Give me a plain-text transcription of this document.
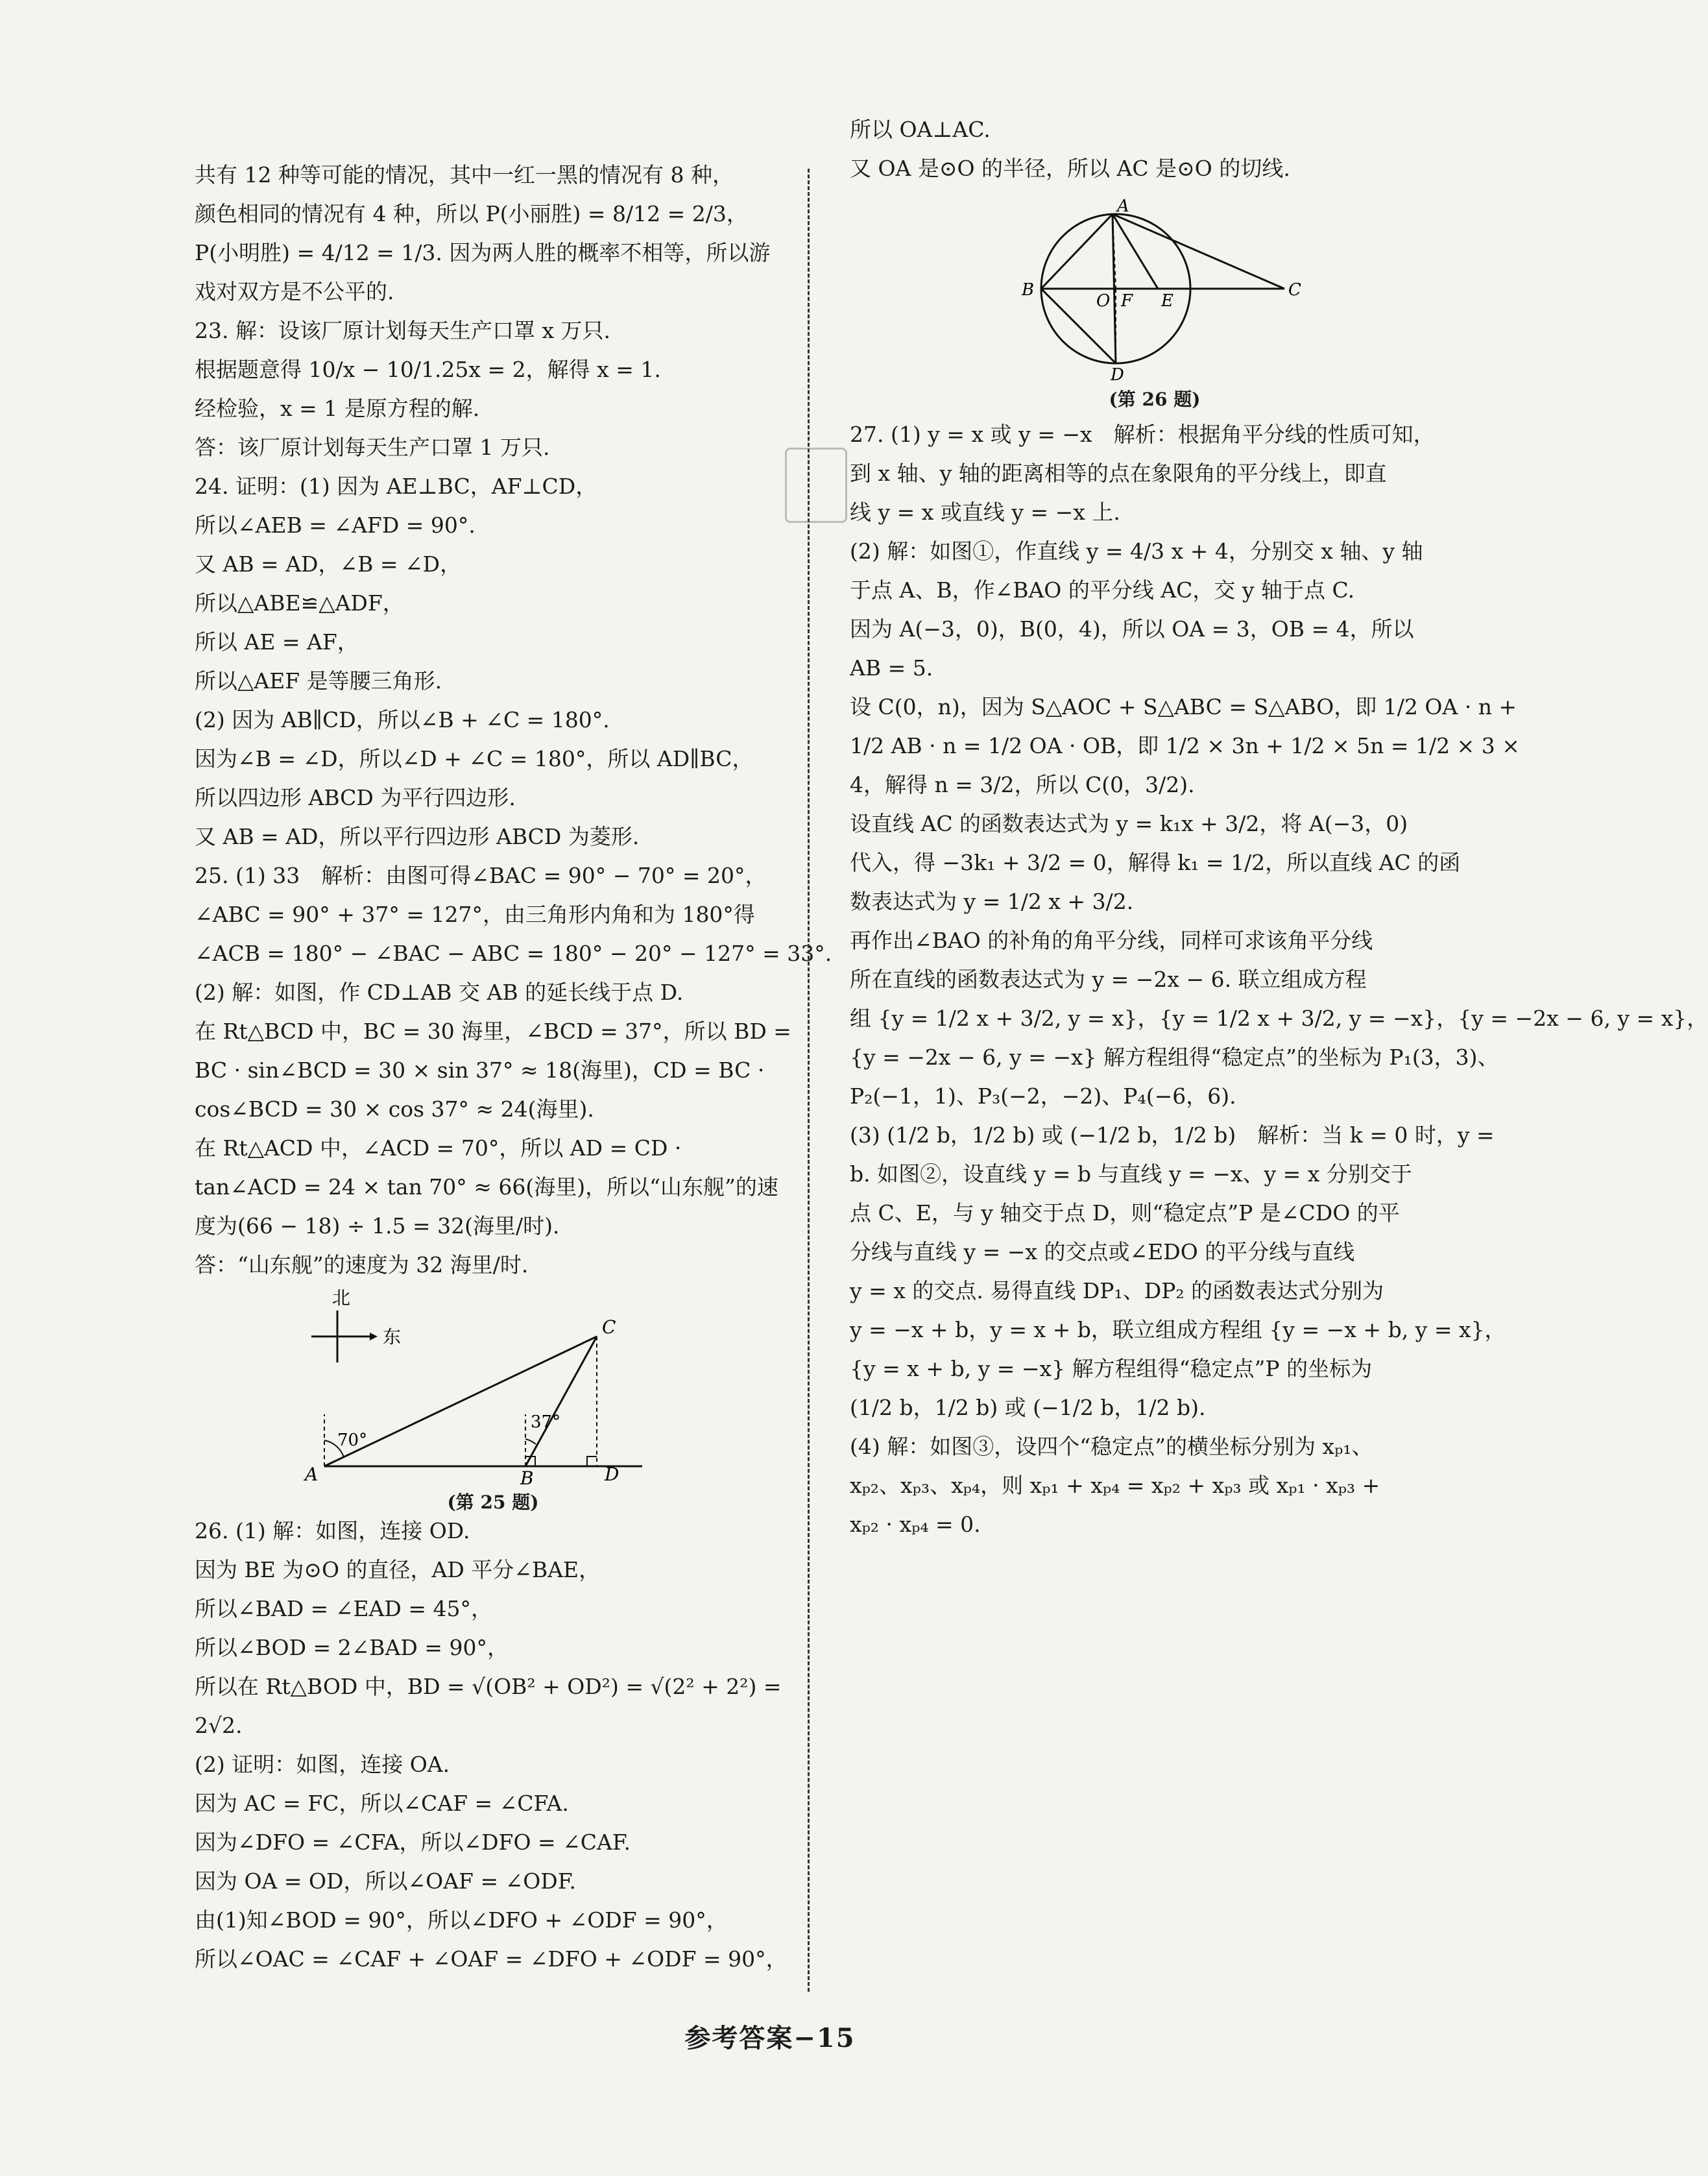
共有 12 种等可能的情况，其中一红一黑的情况有 8 种，
颜色相同的情况有 4 种，所以 P(小丽胜) = 8/12 = 2/3，
P(小明胜) = 4/12 = 1/3. 因为两人胜的概率不相等，所以游
戏对双方是不公平的.
23. 解：设该厂原计划每天生产口罩 x 万只.
根据题意得 10/x − 10/1.25x = 2，解得 x = 1.
经检验，x = 1 是原方程的解.
答：该厂原计划每天生产口罩 1 万只.
24. 证明：(1) 因为 AE⊥BC，AF⊥CD，
所以∠AEB = ∠AFD = 90°.
又 AB = AD，∠B = ∠D，
所以△ABE≌△ADF，
所以 AE = AF，
所以△AEF 是等腰三角形.
(2) 因为 AB∥CD，所以∠B + ∠C = 180°.
因为∠B = ∠D，所以∠D + ∠C = 180°，所以 AD∥BC，
所以四边形 ABCD 为平行四边形.
又 AB = AD，所以平行四边形 ABCD 为菱形.
25. (1) 33　解析：由图可得∠BAC = 90° − 70° = 20°，
∠ABC = 90° + 37° = 127°，由三角形内角和为 180°得
∠ACB = 180° − ∠BAC − ABC = 180° − 20° − 127° = 33°.
(2) 解：如图，作 CD⊥AB 交 AB 的延长线于点 D.
在 Rt△BCD 中，BC = 30 海里，∠BCD = 37°，所以 BD =
BC · sin∠BCD = 30 × sin 37° ≈ 18(海里)，CD = BC ·
cos∠BCD = 30 × cos 37° ≈ 24(海里).
在 Rt△ACD 中，∠ACD = 70°，所以 AD = CD ·
tan∠ACD = 24 × tan 70° ≈ 66(海里)，所以“山东舰”的速
度为(66 − 18) ÷ 1.5 = 32(海里/时).
答：“山东舰”的速度为 32 海里/时.
北
东
70°
37°
A	B
C
D
(第 25 题)
26. (1) 解：如图，连接 OD.
因为 BE 为⊙O 的直径，AD 平分∠BAE，
所以∠BAD = ∠EAD = 45°，
所以∠BOD = 2∠BAD = 90°，
所以在 Rt△BOD 中，BD = √(OB² + OD²) = √(2² + 2²) =
2√2.
(2) 证明：如图，连接 OA.
因为 AC = FC，所以∠CAF = ∠CFA.
因为∠DFO = ∠CFA，所以∠DFO = ∠CAF.
因为 OA = OD，所以∠OAF = ∠ODF.
由(1)知∠BOD = 90°，所以∠DFO + ∠ODF = 90°，
所以∠OAC = ∠CAF + ∠OAF = ∠DFO + ∠ODF = 90°，
所以 OA⊥AC.
又 OA 是⊙O 的半径，所以 AC 是⊙O 的切线.
A
B
O F E
C
D
(第 26 题)
27. (1) y = x 或 y = −x　解析：根据角平分线的性质可知，
到 x 轴、y 轴的距离相等的点在象限角的平分线上，即直
线 y = x 或直线 y = −x 上.
(2) 解：如图①，作直线 y = 4/3 x + 4，分别交 x 轴、y 轴
于点 A、B，作∠BAO 的平分线 AC，交 y 轴于点 C.
因为 A(−3，0)，B(0，4)，所以 OA = 3，OB = 4，所以
AB = 5.
设 C(0，n)，因为 S△AOC + S△ABC = S△ABO，即 1/2 OA · n +
1/2 AB · n = 1/2 OA · OB，即 1/2 × 3n + 1/2 × 5n = 1/2 × 3 ×
4，解得 n = 3/2，所以 C(0，3/2).
设直线 AC 的函数表达式为 y = k₁x + 3/2，将 A(−3，0)
代入，得 −3k₁ + 3/2 = 0，解得 k₁ = 1/2，所以直线 AC 的函
数表达式为 y = 1/2 x + 3/2.
再作出∠BAO 的补角的角平分线，同样可求该角平分线
所在直线的函数表达式为 y = −2x − 6. 联立组成方程
组 {y = 1/2 x + 3/2, y = x}，{y = 1/2 x + 3/2, y = −x}，{y = −2x − 6, y = x}，
{y = −2x − 6, y = −x} 解方程组得“稳定点”的坐标为 P₁(3，3)、
P₂(−1，1)、P₃(−2，−2)、P₄(−6，6).
(3) (1/2 b，1/2 b) 或 (−1/2 b，1/2 b)　解析：当 k = 0 时，y =
b. 如图②，设直线 y = b 与直线 y = −x、y = x 分别交于
点 C、E，与 y 轴交于点 D，则“稳定点”P 是∠CDO 的平
分线与直线 y = −x 的交点或∠EDO 的平分线与直线
y = x 的交点. 易得直线 DP₁、DP₂ 的函数表达式分别为
y = −x + b，y = x + b，联立组成方程组 {y = −x + b, y = x}，
{y = x + b, y = −x} 解方程组得“稳定点”P 的坐标为
(1/2 b，1/2 b) 或 (−1/2 b，1/2 b).
(4) 解：如图③，设四个“稳定点”的横坐标分别为 xₚ₁、
xₚ₂、xₚ₃、xₚ₄，则 xₚ₁ + xₚ₄ = xₚ₂ + xₚ₃ 或 xₚ₁ · xₚ₃ +
xₚ₂ · xₚ₄ = 0.
参考答案−15
